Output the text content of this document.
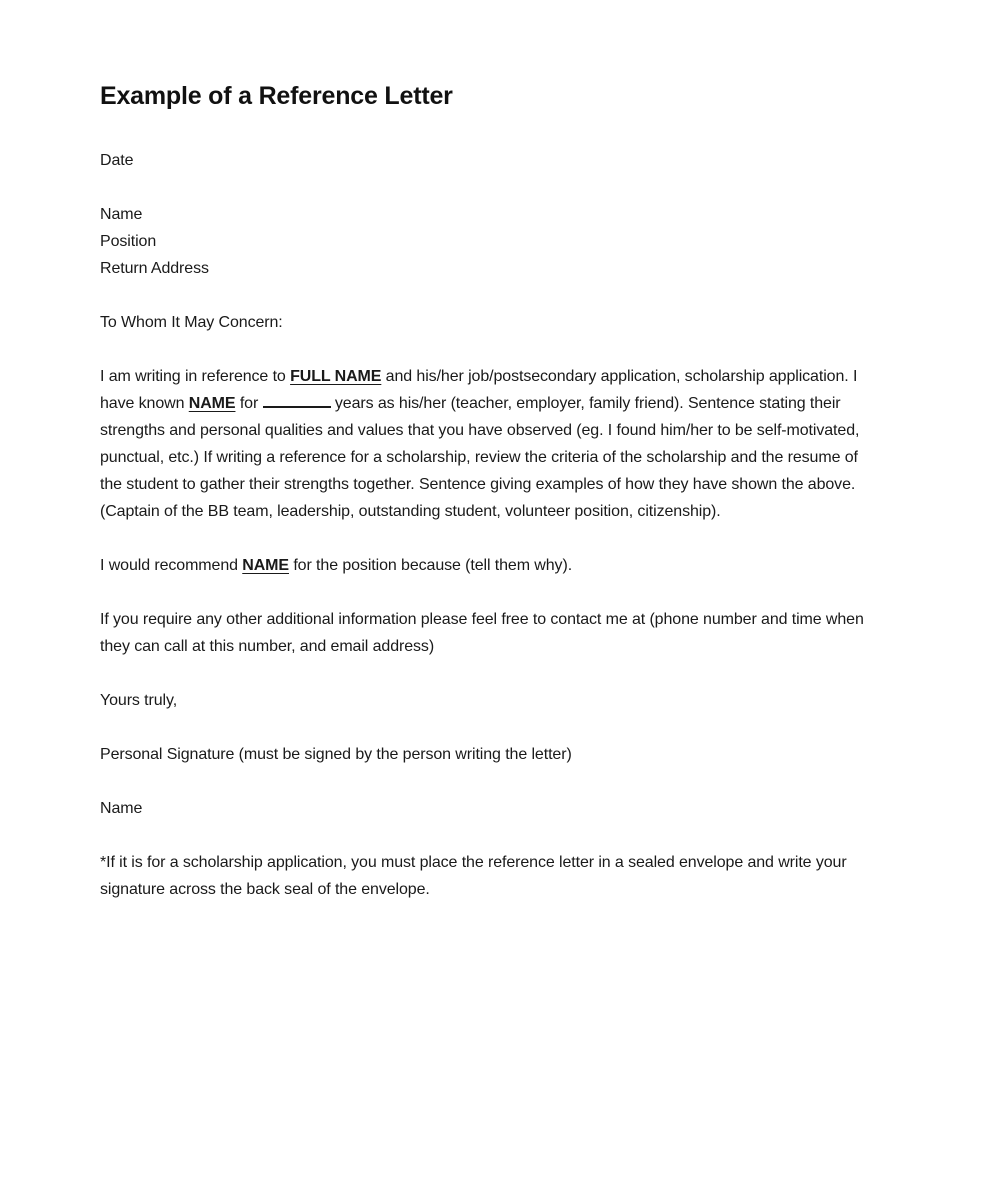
Example of a Reference Letter

Date

Name

Position

Return Address

To Whom It May Concern:

I am writing in reference to FULL NAME and his/her job/postsecondary application, scholarship application. I have known NAME for	years as his/her (teacher, employer, family friend). Sentence stating their strengths and personal qualities and values that you have observed (eg. I found him/her to be self-motivated, punctual, etc.) If writing a reference for a scholarship, review the criteria of the scholarship and the resume of the student to gather their strengths together. Sentence giving examples of how they have shown the above. (Captain of the BB team, leadership, outstanding student, volunteer position, citizenship).

I would recommend NAME for the position because (tell them why).

If you require any other additional information please feel free to contact me at (phone number and time when they can call at this number, and email address)

Yours truly,

Personal Signature (must be signed by the person writing the letter)

Name

*If it is for a scholarship application, you must place the reference letter in a sealed envelope and write your signature across the back seal of the envelope.
